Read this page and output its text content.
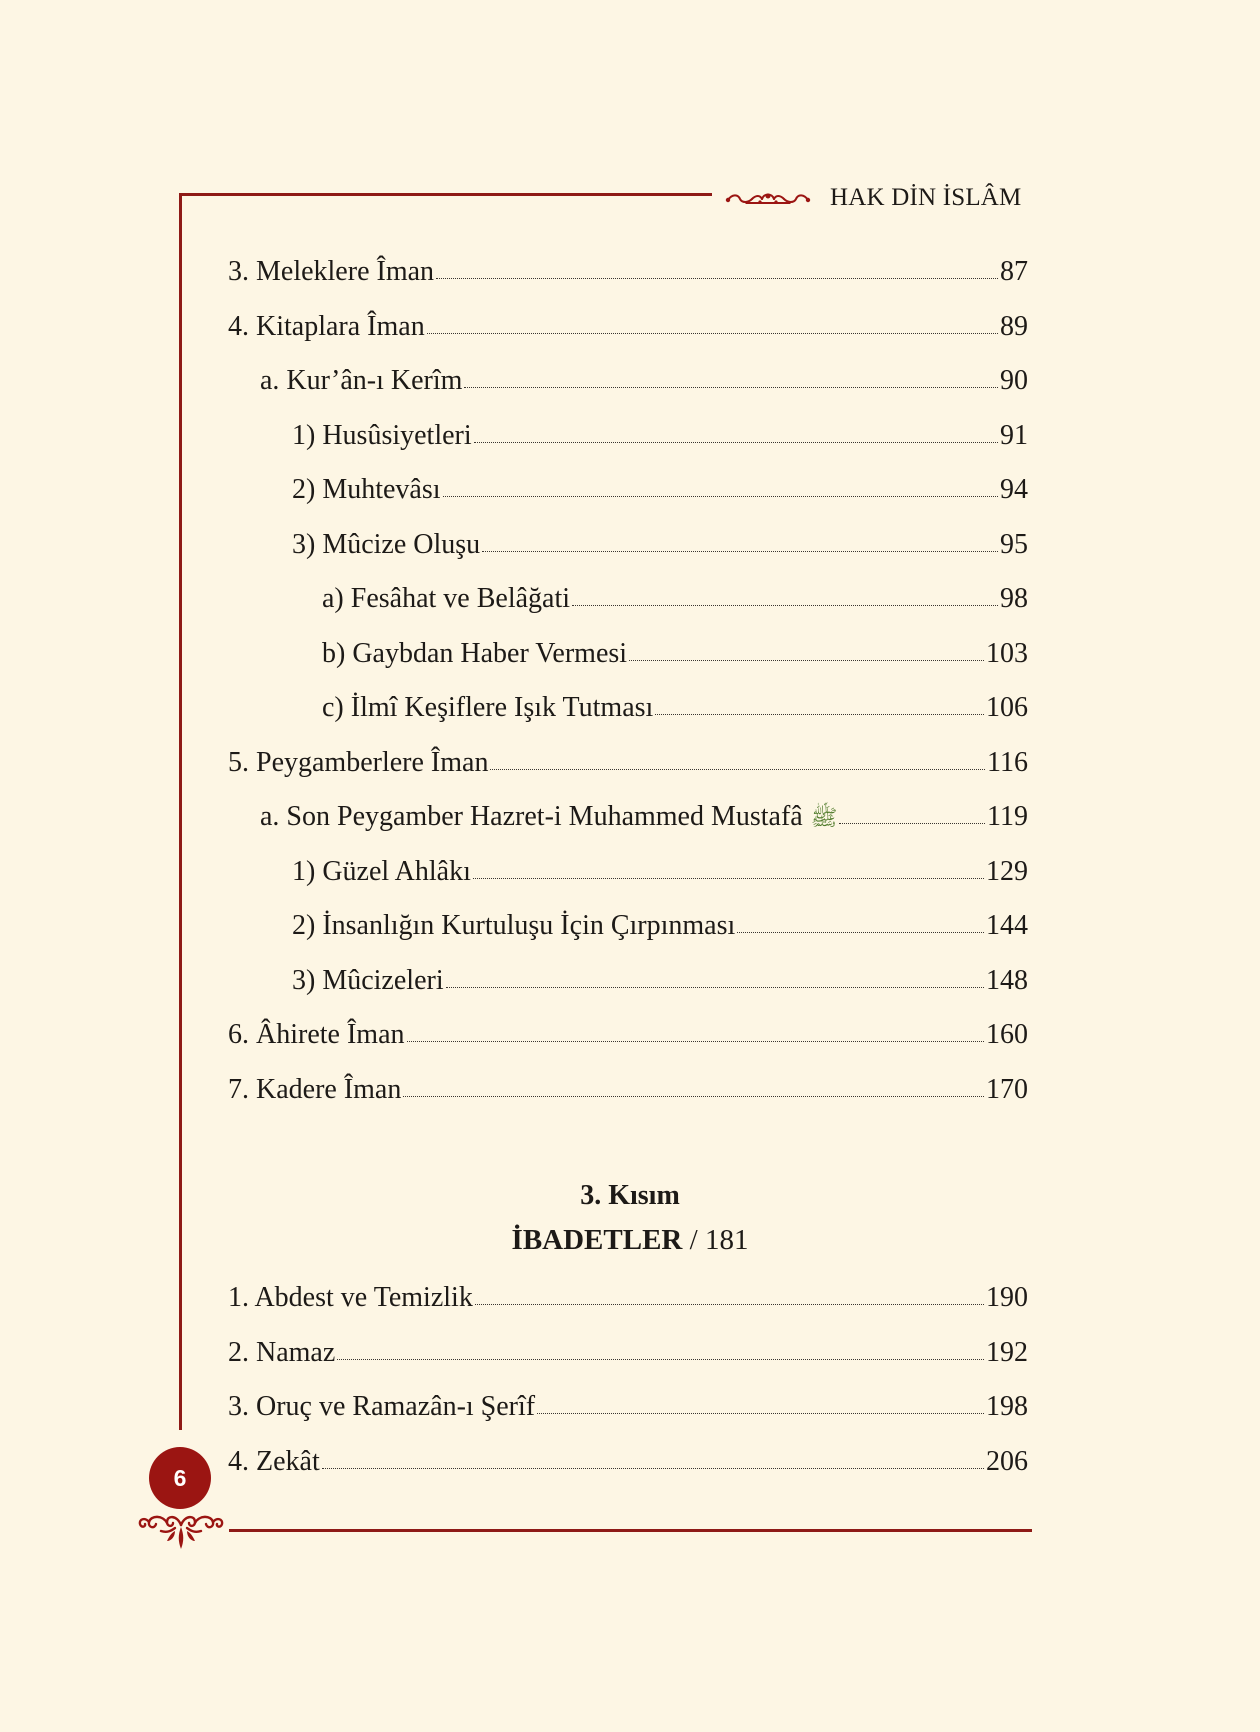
HAK DİN İSLÂM
3. Meleklere Îman	87
4. Kitaplara Îman	89
a. Kur’ân-ı Kerîm	90
1) Husûsiyetleri	91
2) Muhtevâsı	94
3) Mûcize Oluşu	95
a) Fesâhat ve Belâğati	98
b) Gaybdan Haber Vermesi	103
c) İlmî Keşiflere Işık Tutması	106
5. Peygamberlere Îman	116
a. Son Peygamber Hazret-i Muhammed Mustafâ ﷺ	119
1) Güzel Ahlâkı	129
2) İnsanlığın Kurtuluşu İçin Çırpınması	144
3) Mûcizeleri	148
6. Âhirete Îman	160
7. Kadere Îman	170
3. Kısım
İBADETLER / 181
1. Abdest ve Temizlik	190
2. Namaz	192
3. Oruç ve Ramazân-ı Şerîf	198
4. Zekât	206
6
